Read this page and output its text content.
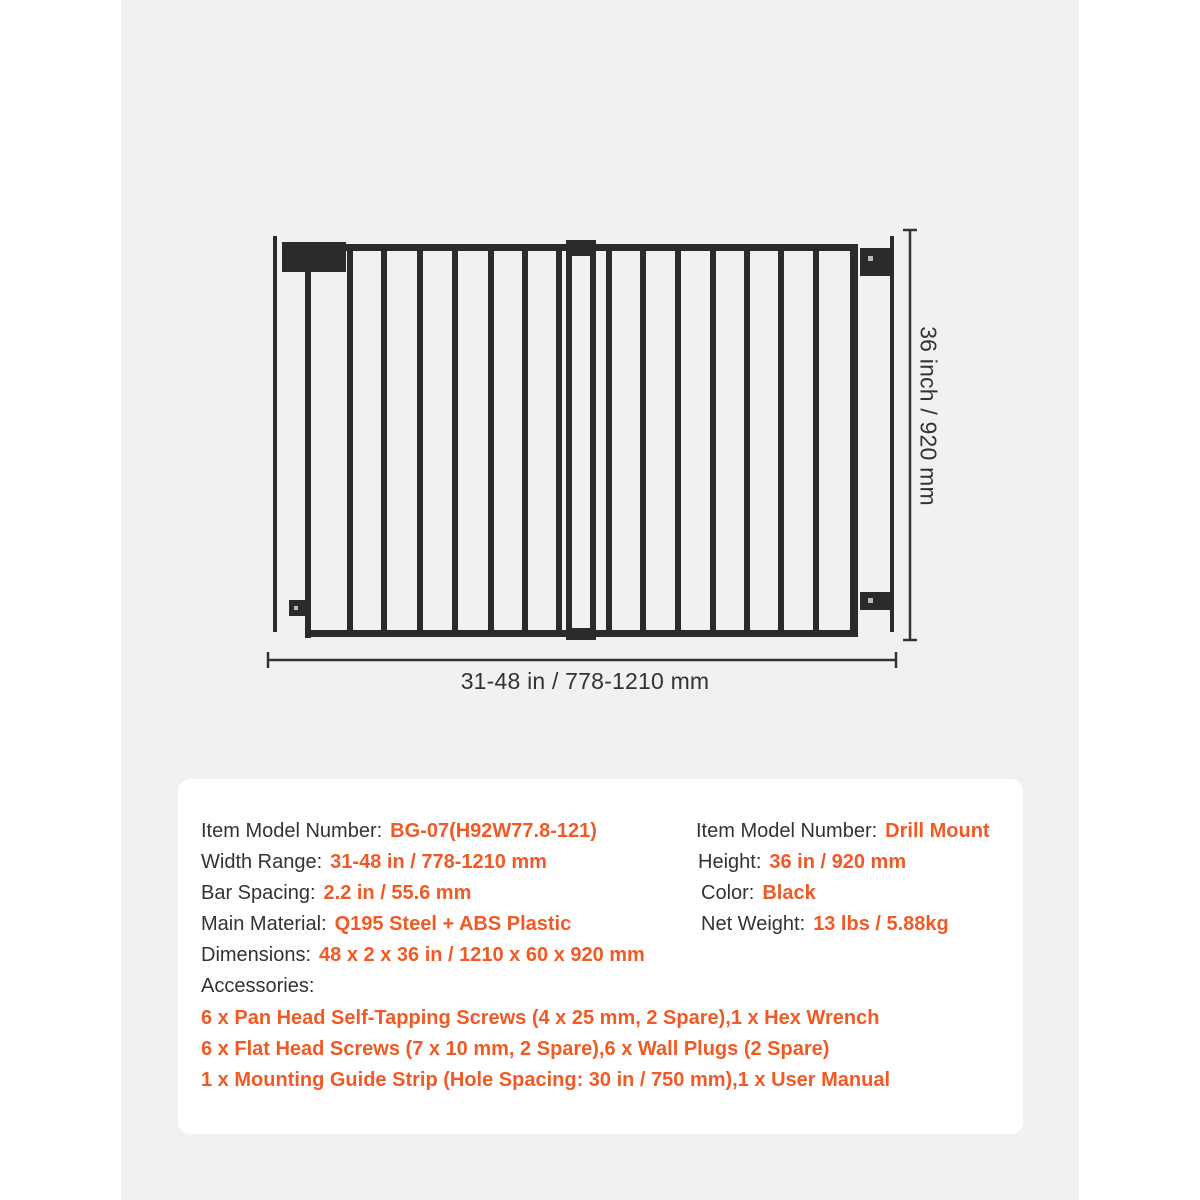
31-48 in / 778-1210 mm
36 inch / 920 mm
Item Model Number: BG-07(H92W77.8-121)
Width Range: 31-48 in / 778-1210 mm
Bar Spacing: 2.2 in / 55.6 mm
Main Material: Q195 Steel + ABS Plastic
Dimensions: 48 x 2 x 36 in / 1210 x 60 x 920 mm
Item Model Number: Drill Mount
Height: 36 in / 920 mm
Color: Black
Net Weight: 13 lbs / 5.88kg
Accessories:
6 x Pan Head Self-Tapping Screws (4 x 25 mm, 2 Spare),1 x Hex Wrench
6 x Flat Head Screws (7 x 10 mm, 2 Spare),6 x Wall Plugs (2 Spare)
1 x Mounting Guide Strip (Hole Spacing: 30 in / 750 mm),1 x User Manual
